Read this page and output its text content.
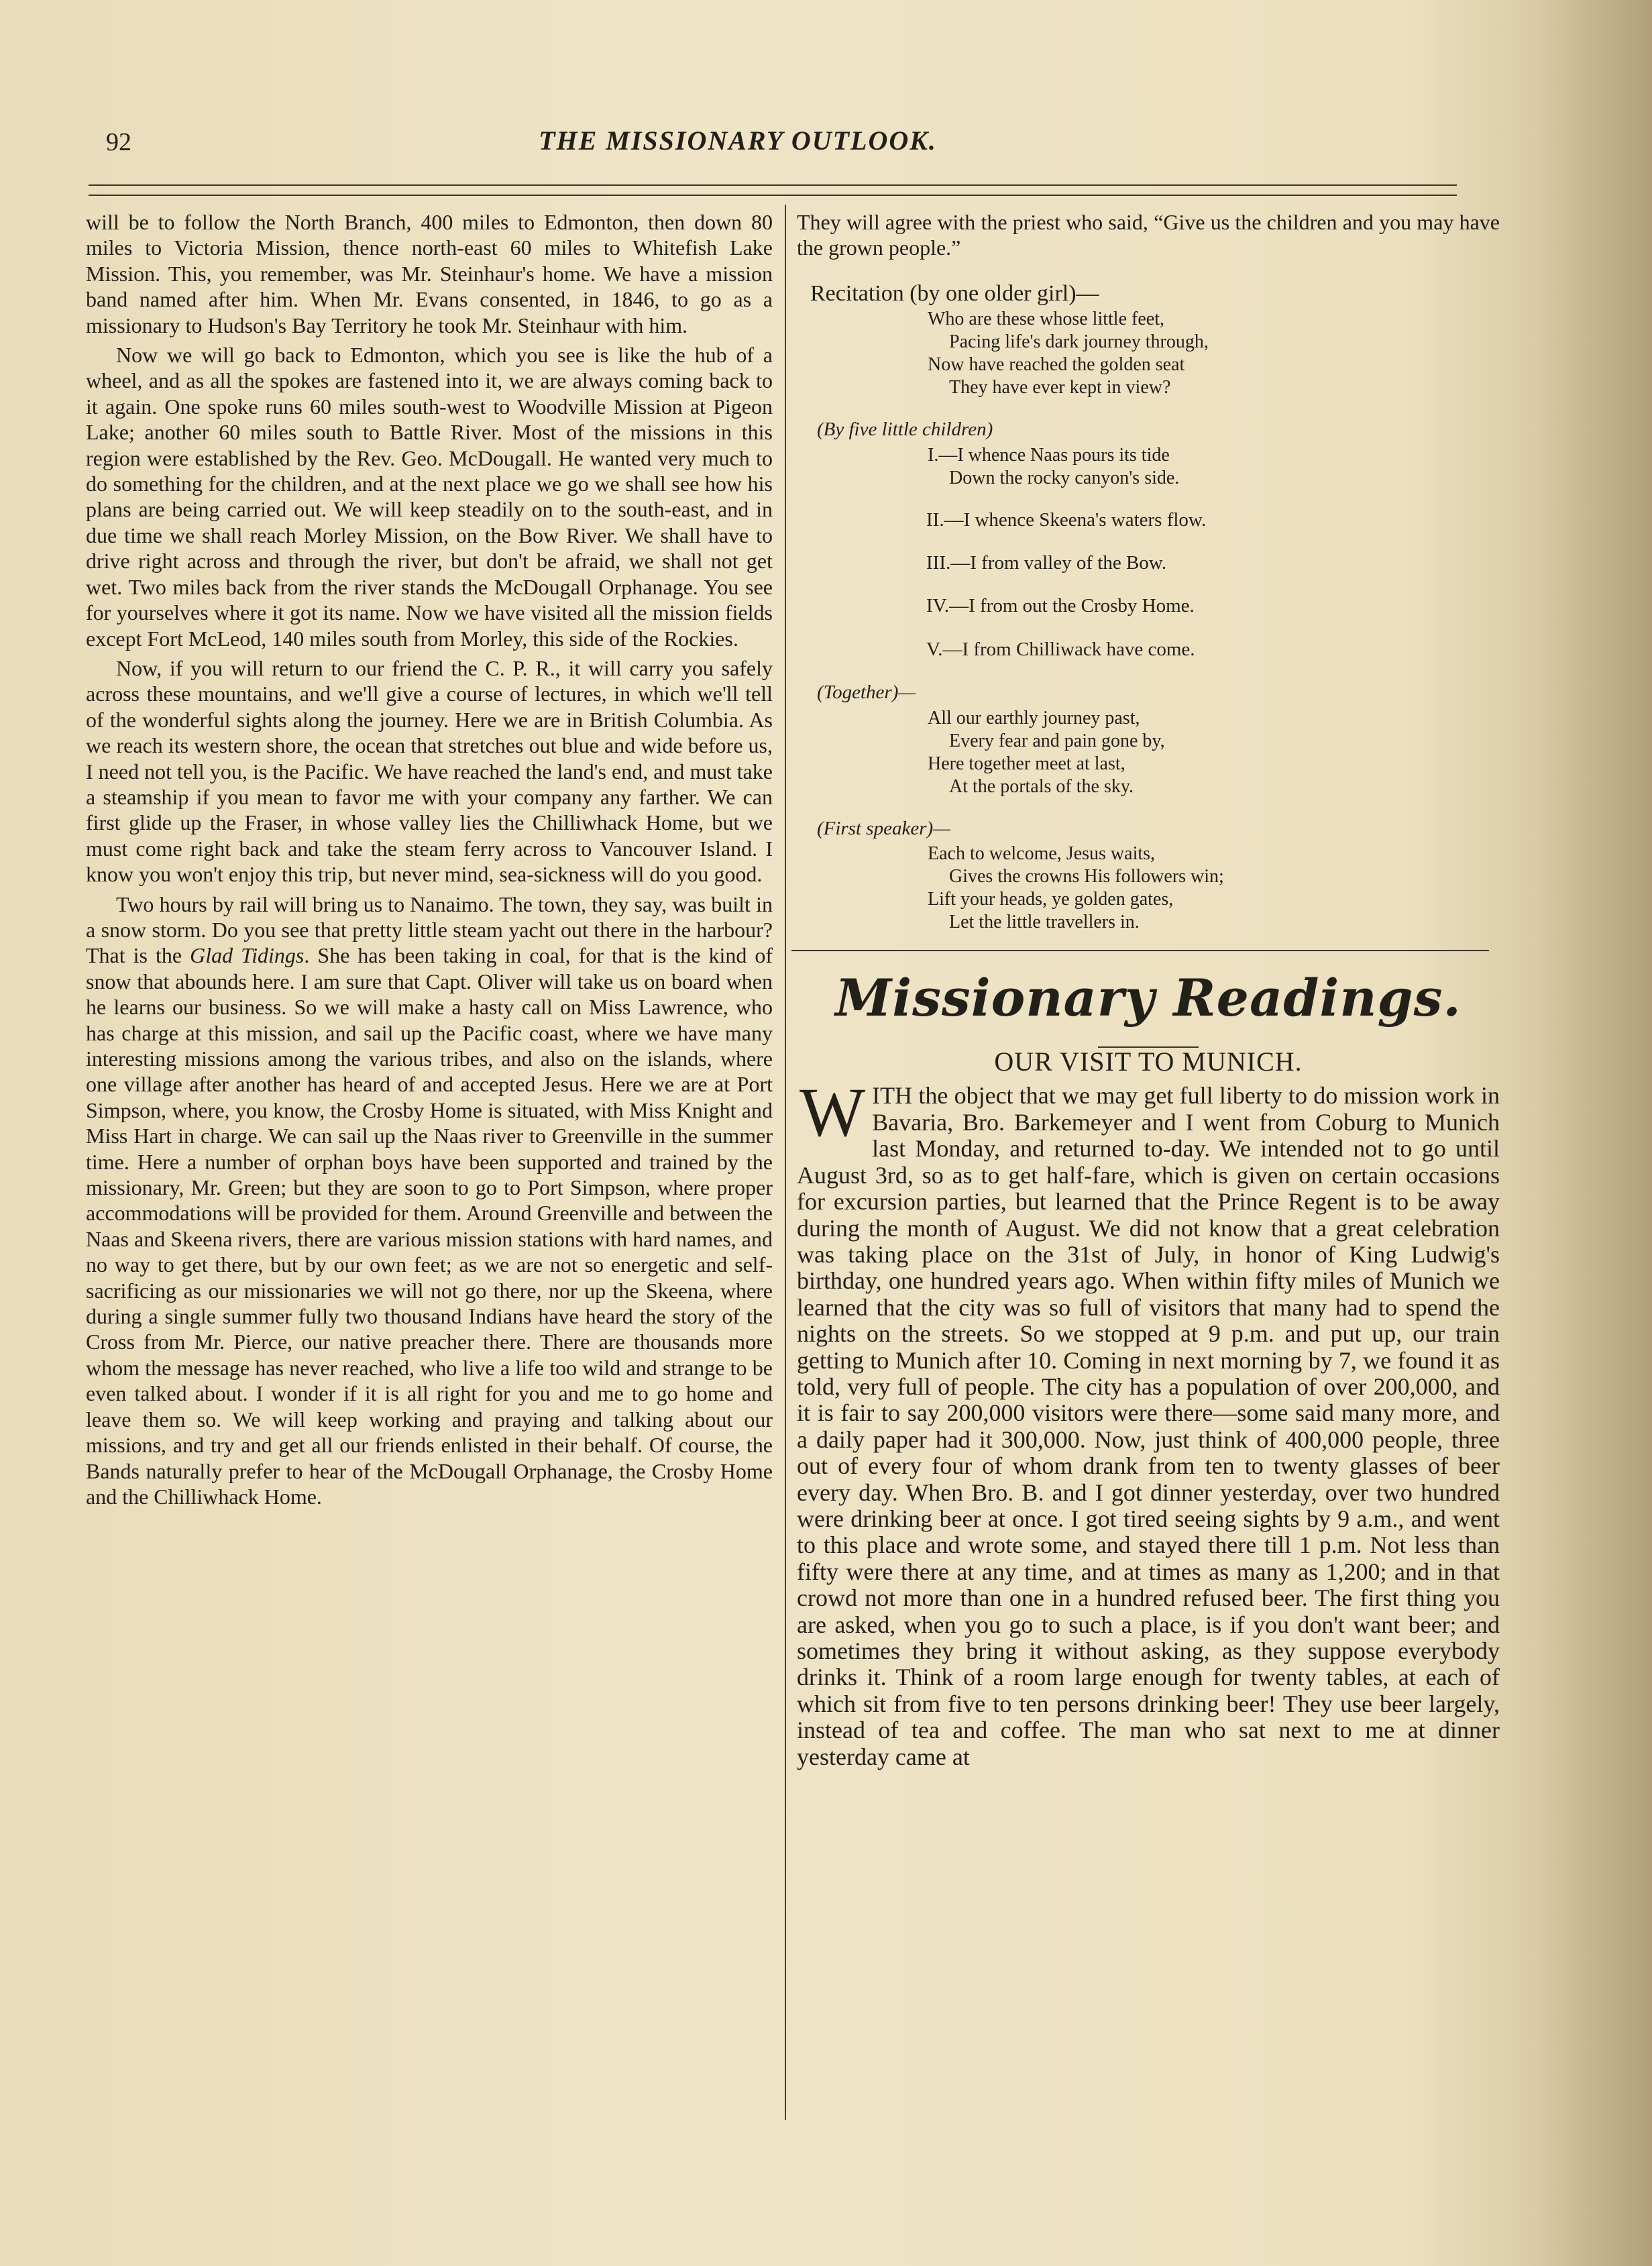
92	THE MISSIONARY OUTLOOK.

will be to follow the North Branch, 400 miles to Edmonton, then down 80 miles to Victoria Mission, thence north-east 60 miles to Whitefish Lake Mission. This, you remember, was Mr. Steinhaur's home. We have a mission band named after him. When Mr. Evans consented, in 1846, to go as a missionary to Hudson's Bay Territory he took Mr. Steinhaur with him.

Now we will go back to Edmonton, which you see is like the hub of a wheel, and as all the spokes are fastened into it, we are always coming back to it again. One spoke runs 60 miles south-west to Woodville Mission at Pigeon Lake; another 60 miles south to Battle River. Most of the missions in this region were established by the Rev. Geo. McDougall. He wanted very much to do something for the children, and at the next place we go we shall see how his plans are being carried out. We will keep steadily on to the south-east, and in due time we shall reach Morley Mission, on the Bow River. We shall have to drive right across and through the river, but don't be afraid, we shall not get wet. Two miles back from the river stands the McDougall Orphanage. You see for yourselves where it got its name. Now we have visited all the mission fields except Fort McLeod, 140 miles south from Morley, this side of the Rockies.

Now, if you will return to our friend the C. P. R., it will carry you safely across these mountains, and we'll give a course of lectures, in which we'll tell of the wonderful sights along the journey. Here we are in British Columbia. As we reach its western shore, the ocean that stretches out blue and wide before us, I need not tell you, is the Pacific. We have reached the land's end, and must take a steamship if you mean to favor me with your company any farther. We can first glide up the Fraser, in whose valley lies the Chilliwhack Home, but we must come right back and take the steam ferry across to Vancouver Island. I know you won't enjoy this trip, but never mind, sea-sickness will do you good.

Two hours by rail will bring us to Nanaimo. The town, they say, was built in a snow storm. Do you see that pretty little steam yacht out there in the harbour? That is the Glad Tidings. She has been taking in coal, for that is the kind of snow that abounds here. I am sure that Capt. Oliver will take us on board when he learns our business. So we will make a hasty call on Miss Lawrence, who has charge at this mission, and sail up the Pacific coast, where we have many interesting missions among the various tribes, and also on the islands, where one village after another has heard of and accepted Jesus. Here we are at Port Simpson, where, you know, the Crosby Home is situated, with Miss Knight and Miss Hart in charge. We can sail up the Naas river to Greenville in the summer time. Here a number of orphan boys have been supported and trained by the missionary, Mr. Green; but they are soon to go to Port Simpson, where proper accommodations will be provided for them. Around Greenville and between the Naas and Skeena rivers, there are various mission stations with hard names, and no way to get there, but by our own feet; as we are not so energetic and self-sacrificing as our missionaries we will not go there, nor up the Skeena, where during a single summer fully two thousand Indians have heard the story of the Cross from Mr. Pierce, our native preacher there. There are thousands more whom the message has never reached, who live a life too wild and strange to be even talked about. I wonder if it is all right for you and me to go home and leave them so. We will keep working and praying and talking about our missions, and try and get all our friends enlisted in their behalf. Of course, the Bands naturally prefer to hear of the McDougall Orphanage, the Crosby Home and the Chilliwhack Home.

They will agree with the priest who said, “Give us the children and you may have the grown people.”

Recitation (by one older girl)—
Who are these whose little feet,
Pacing life's dark journey through,
Now have reached the golden seat
They have ever kept in view?
(By five little children)
I.—I whence Naas pours its tide
Down the rocky canyon's side.
II.—I whence Skeena's waters flow.
III.—I from valley of the Bow.
IV.—I from out the Crosby Home.
V.—I from Chilliwack have come.
(Together)—
All our earthly journey past,
Every fear and pain gone by,
Here together meet at last,
At the portals of the sky.
(First speaker)—
Each to welcome, Jesus waits,
Gives the crowns His followers win;
Lift your heads, ye golden gates,
Let the little travellers in.
Missionary Readings.
OUR VISIT TO MUNICH.
WITH the object that we may get full liberty to do mission work in Bavaria, Bro. Barkemeyer and I went from Coburg to Munich last Monday, and returned to-day. We intended not to go until August 3rd, so as to get half-fare, which is given on certain occasions for excursion parties, but learned that the Prince Regent is to be away during the month of August. We did not know that a great celebration was taking place on the 31st of July, in honor of King Ludwig's birthday, one hundred years ago. When within fifty miles of Munich we learned that the city was so full of visitors that many had to spend the nights on the streets. So we stopped at 9 p.m. and put up, our train getting to Munich after 10. Coming in next morning by 7, we found it as told, very full of people. The city has a population of over 200,000, and it is fair to say 200,000 visitors were there—some said many more, and a daily paper had it 300,000. Now, just think of 400,000 people, three out of every four of whom drank from ten to twenty glasses of beer every day. When Bro. B. and I got dinner yesterday, over two hundred were drinking beer at once. I got tired seeing sights by 9 a.m., and went to this place and wrote some, and stayed there till 1 p.m. Not less than fifty were there at any time, and at times as many as 1,200; and in that crowd not more than one in a hundred refused beer. The first thing you are asked, when you go to such a place, is if you don't want beer; and sometimes they bring it without asking, as they suppose everybody drinks it. Think of a room large enough for twenty tables, at each of which sit from five to ten persons drinking beer! They use beer largely, instead of tea and coffee. The man who sat next to me at dinner yesterday came at
